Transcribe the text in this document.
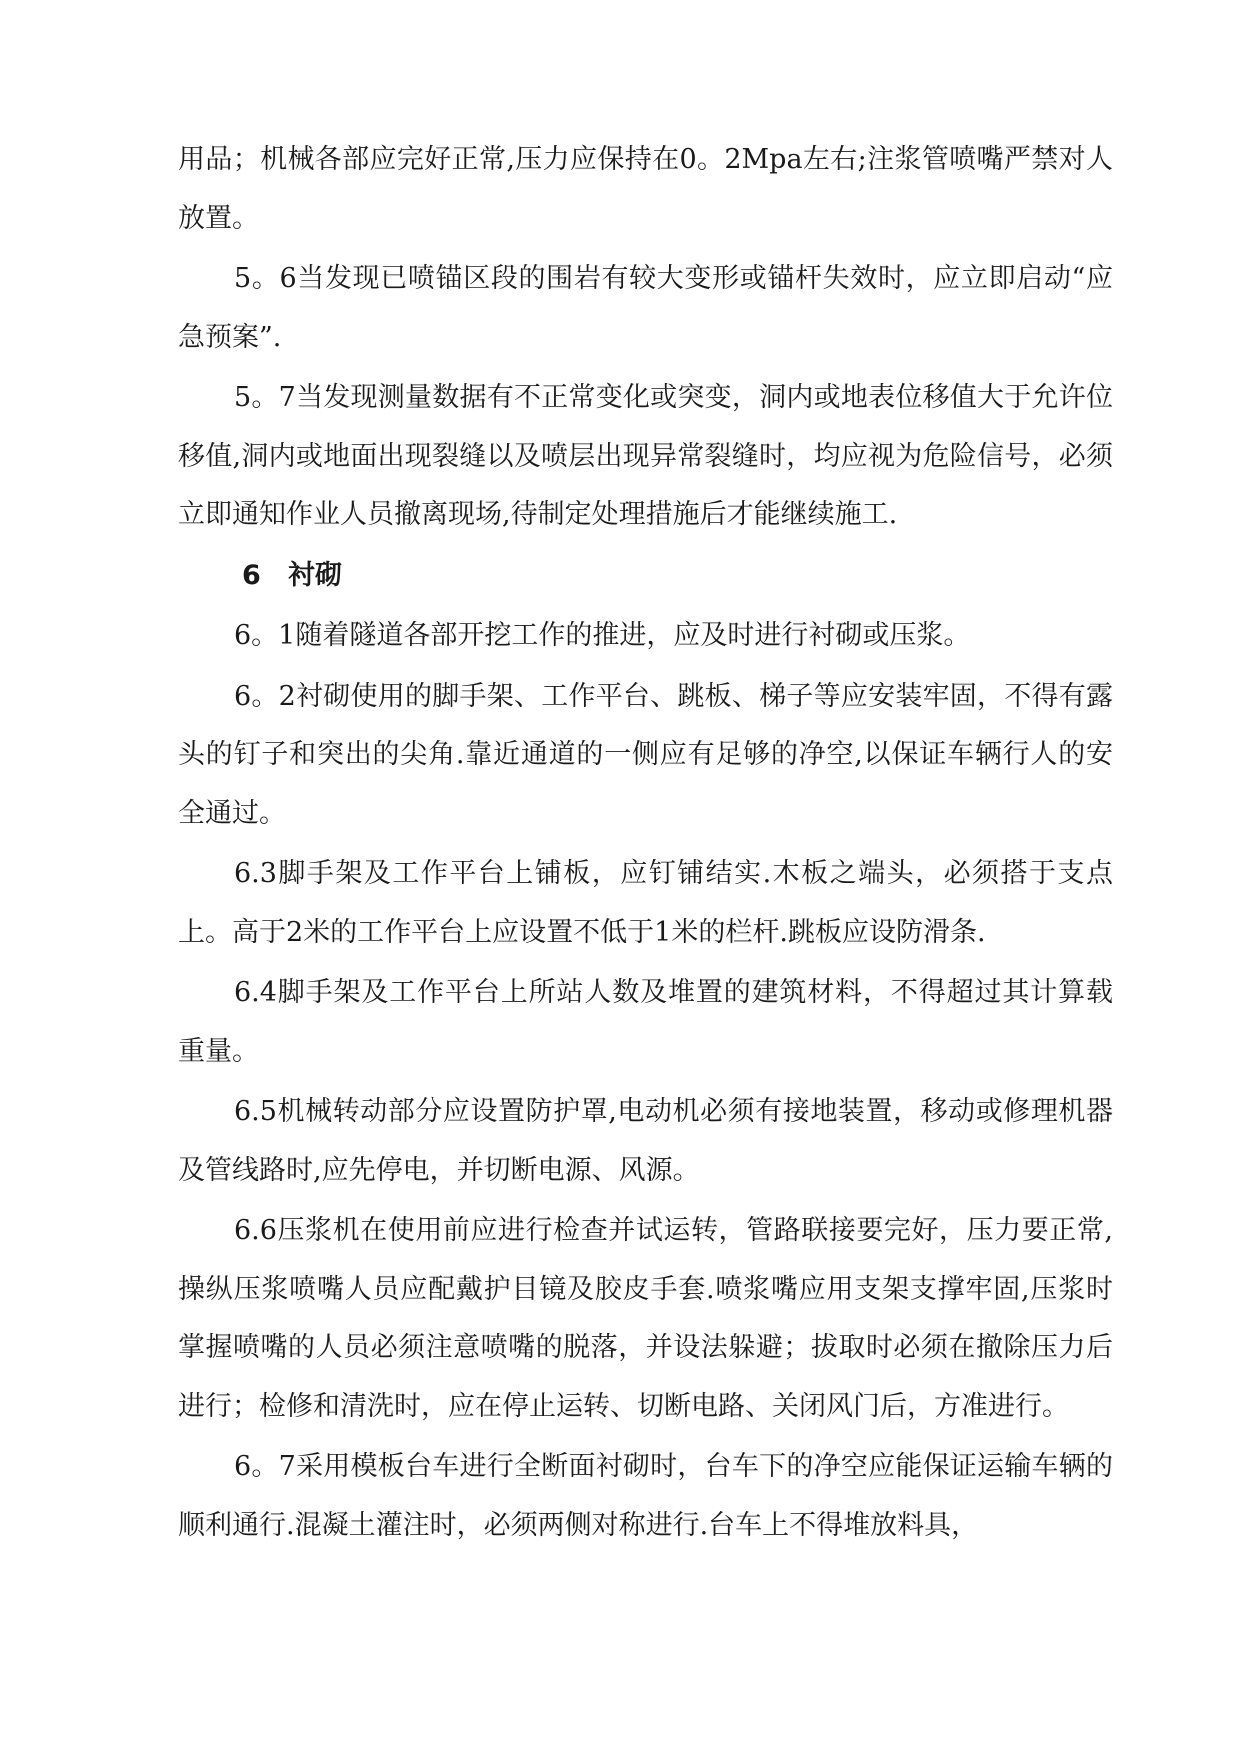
用品；机械各部应完好正常,压力应保持在0。2Mpa左右;注浆管喷嘴严禁对人放置。

5。6当发现已喷锚区段的围岩有较大变形或锚杆失效时，应立即启动“应急预案”.

5。7当发现测量数据有不正常变化或突变，洞内或地表位移值大于允许位移值,洞内或地面出现裂缝以及喷层出现异常裂缝时，均应视为危险信号，必须立即通知作业人员撤离现场,待制定处理措施后才能继续施工.

6 衬砌

6。1随着隧道各部开挖工作的推进，应及时进行衬砌或压浆。

6。2衬砌使用的脚手架、工作平台、跳板、梯子等应安装牢固，不得有露头的钉子和突出的尖角.靠近通道的一侧应有足够的净空,以保证车辆行人的安全通过。

6.3脚手架及工作平台上铺板，应钉铺结实.木板之端头，必须搭于支点上。高于2米的工作平台上应设置不低于1米的栏杆.跳板应设防滑条.

6.4脚手架及工作平台上所站人数及堆置的建筑材料，不得超过其计算载重量。

6.5机械转动部分应设置防护罩,电动机必须有接地装置，移动或修理机器及管线路时,应先停电，并切断电源、风源。

6.6压浆机在使用前应进行检查并试运转，管路联接要完好，压力要正常,操纵压浆喷嘴人员应配戴护目镜及胶皮手套.喷浆嘴应用支架支撑牢固,压浆时掌握喷嘴的人员必须注意喷嘴的脱落，并设法躲避；拔取时必须在撤除压力后进行；检修和清洗时，应在停止运转、切断电路、关闭风门后，方准进行。

6。7采用模板台车进行全断面衬砌时，台车下的净空应能保证运输车辆的顺利通行.混凝土灌注时，必须两侧对称进行.台车上不得堆放料具，
